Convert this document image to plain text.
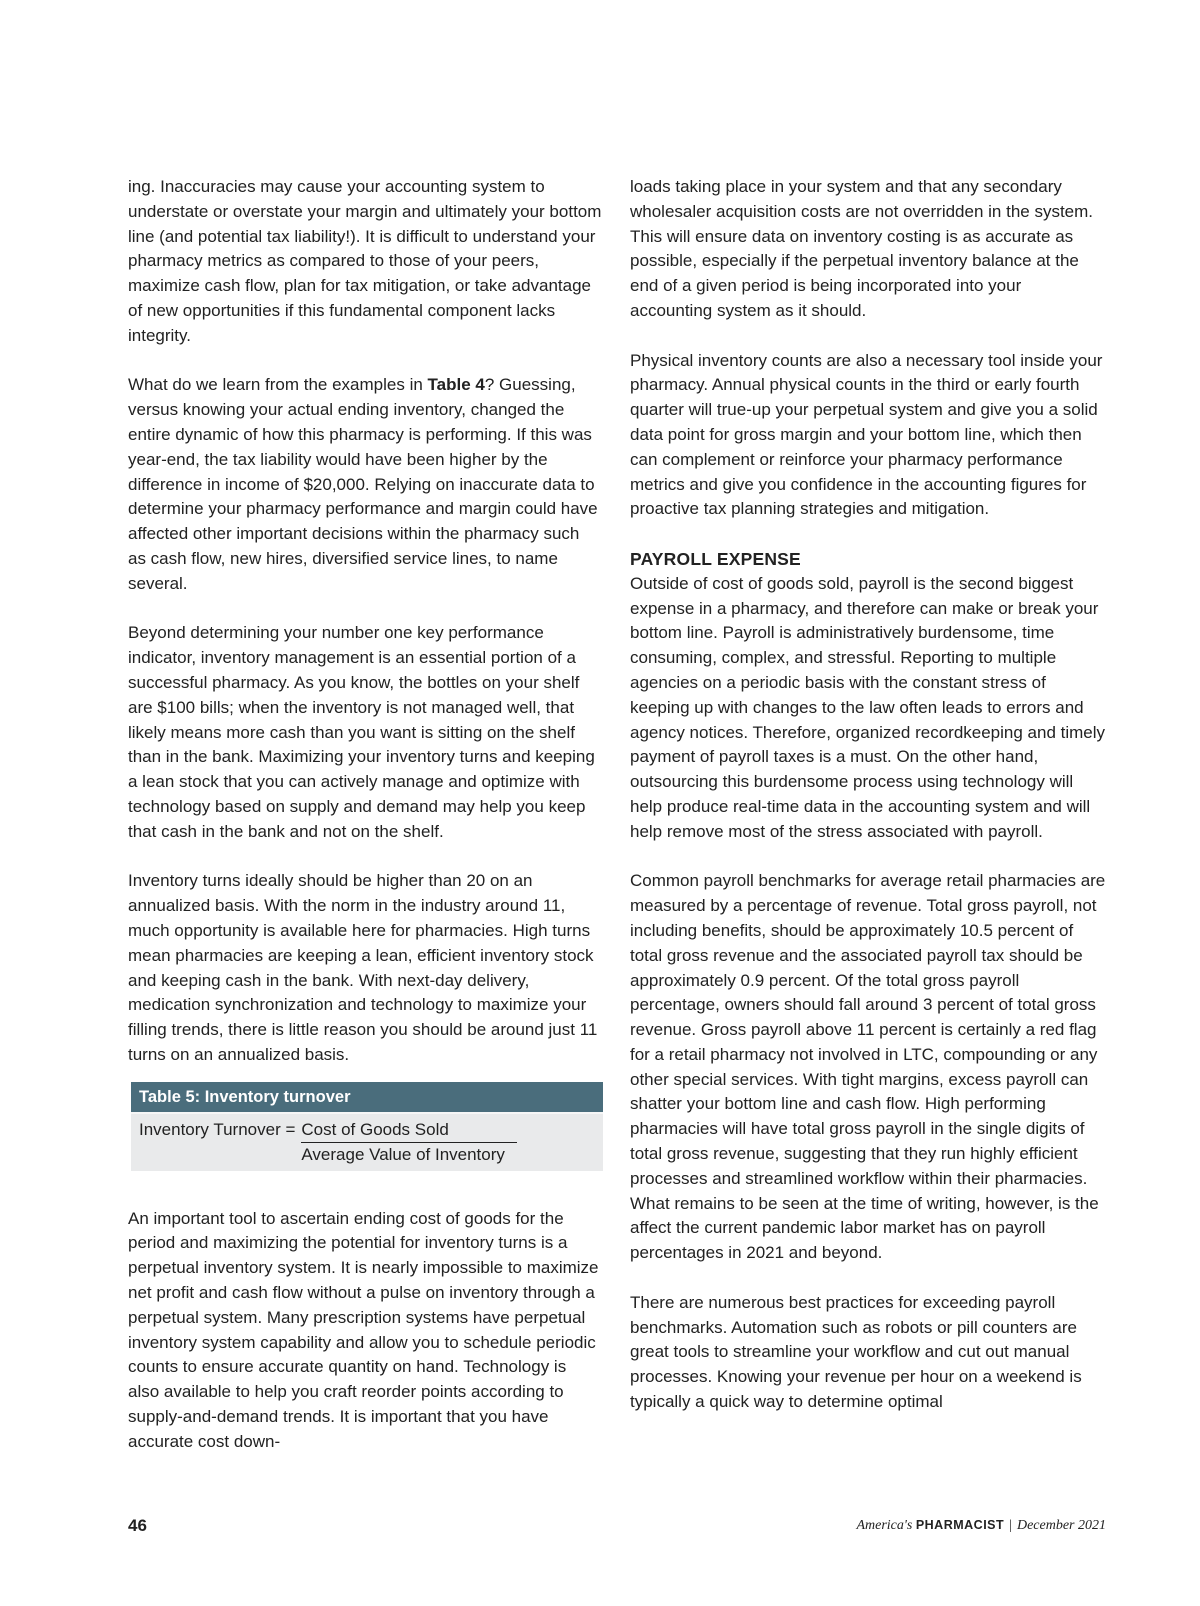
ing. Inaccuracies may cause your accounting system to understate or overstate your margin and ultimately your bottom line (and potential tax liability!). It is difficult to understand your pharmacy metrics as compared to those of your peers, maximize cash flow, plan for tax mitigation, or take advantage of new opportunities if this fundamental component lacks integrity.

What do we learn from the examples in Table 4? Guessing, versus knowing your actual ending inventory, changed the entire dynamic of how this pharmacy is performing. If this was year-end, the tax liability would have been higher by the difference in income of $20,000. Relying on inaccurate data to determine your pharmacy performance and margin could have affected other important decisions within the pharmacy such as cash flow, new hires, diversified service lines, to name several.

Beyond determining your number one key performance indicator, inventory management is an essential portion of a successful pharmacy. As you know, the bottles on your shelf are $100 bills; when the inventory is not managed well, that likely means more cash than you want is sitting on the shelf than in the bank. Maximizing your inventory turns and keeping a lean stock that you can actively manage and optimize with technology based on supply and demand may help you keep that cash in the bank and not on the shelf.

Inventory turns ideally should be higher than 20 on an annualized basis. With the norm in the industry around 11, much opportunity is available here for pharmacies. High turns mean pharmacies are keeping a lean, efficient inventory stock and keeping cash in the bank. With next-day delivery, medication synchronization and technology to maximize your filling trends, there is little reason you should be around just 11 turns on an annualized basis.

Table 5: Inventory turnover
Inventory Turnover = $\frac{\text{Cost of Goods Sold}}{\text{Average Value of Inventory}}$

An important tool to ascertain ending cost of goods for the period and maximizing the potential for inventory turns is a perpetual inventory system. It is nearly impossible to maximize net profit and cash flow without a pulse on inventory through a perpetual system. Many prescription systems have perpetual inventory system capability and allow you to schedule periodic counts to ensure accurate quantity on hand. Technology is also available to help you craft reorder points according to supply-and-demand trends. It is important that you have accurate cost down-

loads taking place in your system and that any secondary wholesaler acquisition costs are not overridden in the system. This will ensure data on inventory costing is as accurate as possible, especially if the perpetual inventory balance at the end of a given period is being incorporated into your accounting system as it should.

Physical inventory counts are also a necessary tool inside your pharmacy. Annual physical counts in the third or early fourth quarter will true-up your perpetual system and give you a solid data point for gross margin and your bottom line, which then can complement or reinforce your pharmacy performance metrics and give you confidence in the accounting figures for proactive tax planning strategies and mitigation.

PAYROLL EXPENSE

Outside of cost of goods sold, payroll is the second biggest expense in a pharmacy, and therefore can make or break your bottom line. Payroll is administratively burdensome, time consuming, complex, and stressful. Reporting to multiple agencies on a periodic basis with the constant stress of keeping up with changes to the law often leads to errors and agency notices. Therefore, organized recordkeeping and timely payment of payroll taxes is a must. On the other hand, outsourcing this burdensome process using technology will help produce real-time data in the accounting system and will help remove most of the stress associated with payroll.

Common payroll benchmarks for average retail pharmacies are measured by a percentage of revenue. Total gross payroll, not including benefits, should be approximately 10.5 percent of total gross revenue and the associated payroll tax should be approximately 0.9 percent. Of the total gross payroll percentage, owners should fall around 3 percent of total gross revenue. Gross payroll above 11 percent is certainly a red flag for a retail pharmacy not involved in LTC, compounding or any other special services. With tight margins, excess payroll can shatter your bottom line and cash flow. High performing pharmacies will have total gross payroll in the single digits of total gross revenue, suggesting that they run highly efficient processes and streamlined workflow within their pharmacies. What remains to be seen at the time of writing, however, is the affect the current pandemic labor market has on payroll percentages in 2021 and beyond.

There are numerous best practices for exceeding payroll benchmarks. Automation such as robots or pill counters are great tools to streamline your workflow and cut out manual processes. Knowing your revenue per hour on a weekend is typically a quick way to determine optimal

46	America's PHARMACIST | December 2021
